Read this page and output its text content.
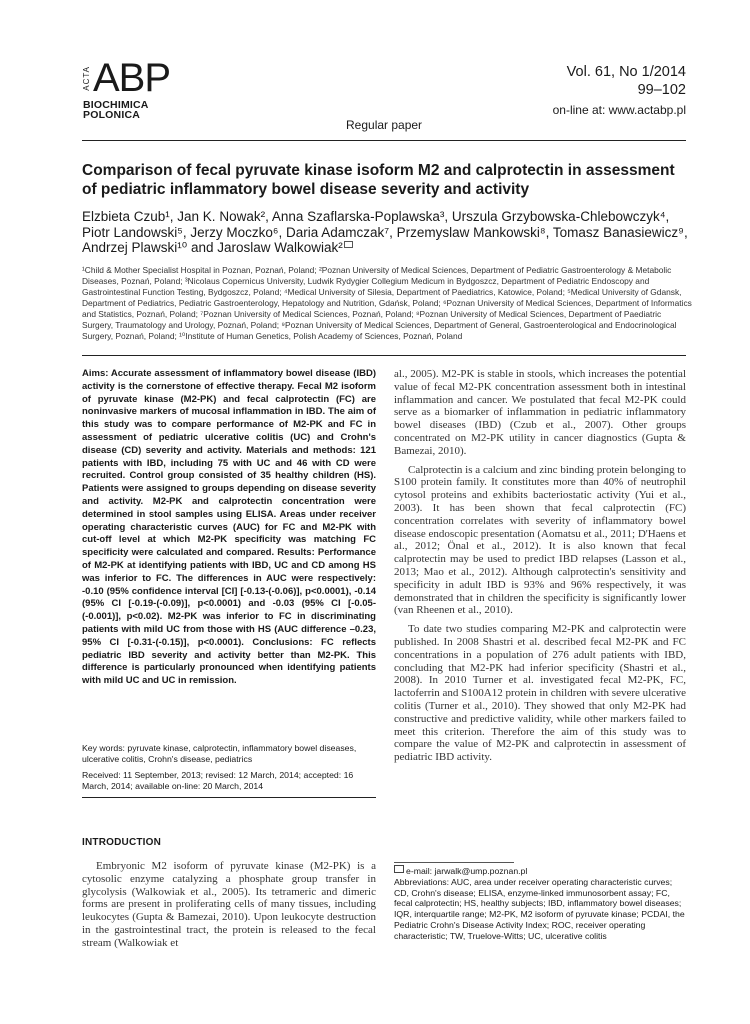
ACTA ABP
BIOCHIMICA
POLONICA
Vol. 61, No 1/2014
99–102
on-line at: www.actabp.pl
Regular paper
Comparison of fecal pyruvate kinase isoform M2 and calprotectin in assessment of pediatric inflammatory bowel disease severity and activity
Elzbieta Czub¹, Jan K. Nowak², Anna Szaflarska-Poplawska³, Urszula Grzybowska-Chlebowczyk⁴, Piotr Landowski⁵, Jerzy Moczko⁶, Daria Adamczak⁷, Przemyslaw Mankowski⁸, Tomasz Banasiewicz⁹, Andrzej Plawski¹⁰ and Jaroslaw Walkowiak²
¹Child & Mother Specialist Hospital in Poznan, Poznań, Poland; ²Poznan University of Medical Sciences, Department of Pediatric Gastroenterology & Metabolic Diseases, Poznań, Poland; ³Nicolaus Copernicus University, Ludwik Rydygier Collegium Medicum in Bydgoszcz, Department of Pediatric Endoscopy and Gastrointestinal Function Testing, Bydgoszcz, Poland; ⁴Medical University of Silesia, Department of Paediatrics, Katowice, Poland; ⁵Medical University of Gdansk, Department of Pediatrics, Pediatric Gastroenterology, Hepatology and Nutrition, Gdańsk, Poland; ⁶Poznan University of Medical Sciences, Department of Informatics and Statistics, Poznań, Poland; ⁷Poznan University of Medical Sciences, Poznań, Poland; ⁸Poznan University of Medical Sciences, Department of Paediatric Surgery, Traumatology and Urology, Poznań, Poland; ⁹Poznan University of Medical Sciences, Department of General, Gastroenterological and Endocrinological Surgery, Poznań, Poland; ¹⁰Institute of Human Genetics, Polish Academy of Sciences, Poznań, Poland

Aims: Accurate assessment of inflammatory bowel disease (IBD) activity is the cornerstone of effective therapy. Fecal M2 isoform of pyruvate kinase (M2-PK) and fecal calprotectin (FC) are noninvasive markers of mucosal inflammation in IBD. The aim of this study was to compare performance of M2-PK and FC in assessment of pediatric ulcerative colitis (UC) and Crohn's disease (CD) severity and activity. Materials and methods: 121 patients with IBD, including 75 with UC and 46 with CD were recruited. Control group consisted of 35 healthy children (HS). Patients were assigned to groups depending on disease severity and activity. M2-PK and calprotectin concentration were determined in stool samples using ELISA. Areas under receiver operating characteristic curves (AUC) for FC and M2-PK with cut-off level at which M2-PK specificity was matching FC specificity were calculated and compared. Results: Performance of M2-PK at identifying patients with IBD, UC and CD among HS was inferior to FC. The differences in AUC were respectively: -0.10 (95% confidence interval [CI] [-0.13-(-0.06)], p<0.0001), -0.14 (95% CI [-0.19-(-0.09)], p<0.0001) and -0.03 (95% CI [-0.05-(-0.001)], p<0.02). M2-PK was inferior to FC in discriminating patients with mild UC from those with HS (AUC difference –0.23, 95% CI [-0.31-(-0.15)], p<0.0001). Conclusions: FC reflects pediatric IBD severity and activity better than M2-PK. This difference is particularly pronounced when identifying patients with mild UC and UC in remission.

Key words: pyruvate kinase, calprotectin, inflammatory bowel diseases, ulcerative colitis, Crohn's disease, pediatrics

Received: 11 September, 2013; revised: 12 March, 2014; accepted: 16 March, 2014; available on-line: 20 March, 2014

INTRODUCTION

Embryonic M2 isoform of pyruvate kinase (M2-PK) is a cytosolic enzyme catalyzing a phosphate group transfer in glycolysis (Walkowiak et al., 2005). Its tetrameric and dimeric forms are present in proliferating cells of many tissues, including leukocytes (Gupta & Bamezai, 2010). Upon leukocyte destruction in the gastrointestinal tract, the protein is released to the fecal stream (Walkowiak et

al., 2005). M2-PK is stable in stools, which increases the potential value of fecal M2-PK concentration assessment both in intestinal inflammation and cancer. We postulated that fecal M2-PK could serve as a biomarker of inflammation in pediatric inflammatory bowel diseases (IBD) (Czub et al., 2007). Other groups concentrated on M2-PK utility in cancer diagnostics (Gupta & Bamezai, 2010).

Calprotectin is a calcium and zinc binding protein belonging to S100 protein family. It constitutes more than 40% of neutrophil cytosol proteins and exhibits bacteriostatic activity (Yui et al., 2003). It has been shown that fecal calprotectin (FC) concentration correlates with severity of inflammatory bowel disease endoscopic presentation (Aomatsu et al., 2011; D'Haens et al., 2012; Önal et al., 2012). It is also known that fecal calprotectin may be used to predict IBD relapses (Lasson et al., 2013; Mao et al., 2012). Although calprotectin's sensitivity and specificity in adult IBD is 93% and 96% respectively, it was demonstrated that in children the specificity is significantly lower (van Rheenen et al., 2010).

To date two studies comparing M2-PK and calprotectin were published. In 2008 Shastri et al. described fecal M2-PK and FC concentrations in a population of 276 adult patients with IBD, concluding that M2-PK had inferior specificity (Shastri et al., 2008). In 2010 Turner et al. investigated fecal M2-PK, FC, lactoferrin and S100A12 protein in children with severe ulcerative colitis (Turner et al., 2010). They showed that only M2-PK had constructive and predictive validity, while other markers failed to meet this criterion. Therefore the aim of this study was to compare the value of M2-PK and calprotectin in assessment of pediatric IBD activity.

e-mail: jarwalk@ump.poznan.pl

Abbreviations: AUC, area under receiver operating characteristic curves; CD, Crohn's disease; ELISA, enzyme-linked immunosorbent assay; FC, fecal calprotectin; HS, healthy subjects; IBD, inflammatory bowel diseases; IQR, interquartile range; M2-PK, M2 isoform of pyruvate kinase; PCDAI, the Pediatric Crohn's Disease Activity Index; ROC, receiver operating characteristic; TW, Truelove-Witts; UC, ulcerative colitis
